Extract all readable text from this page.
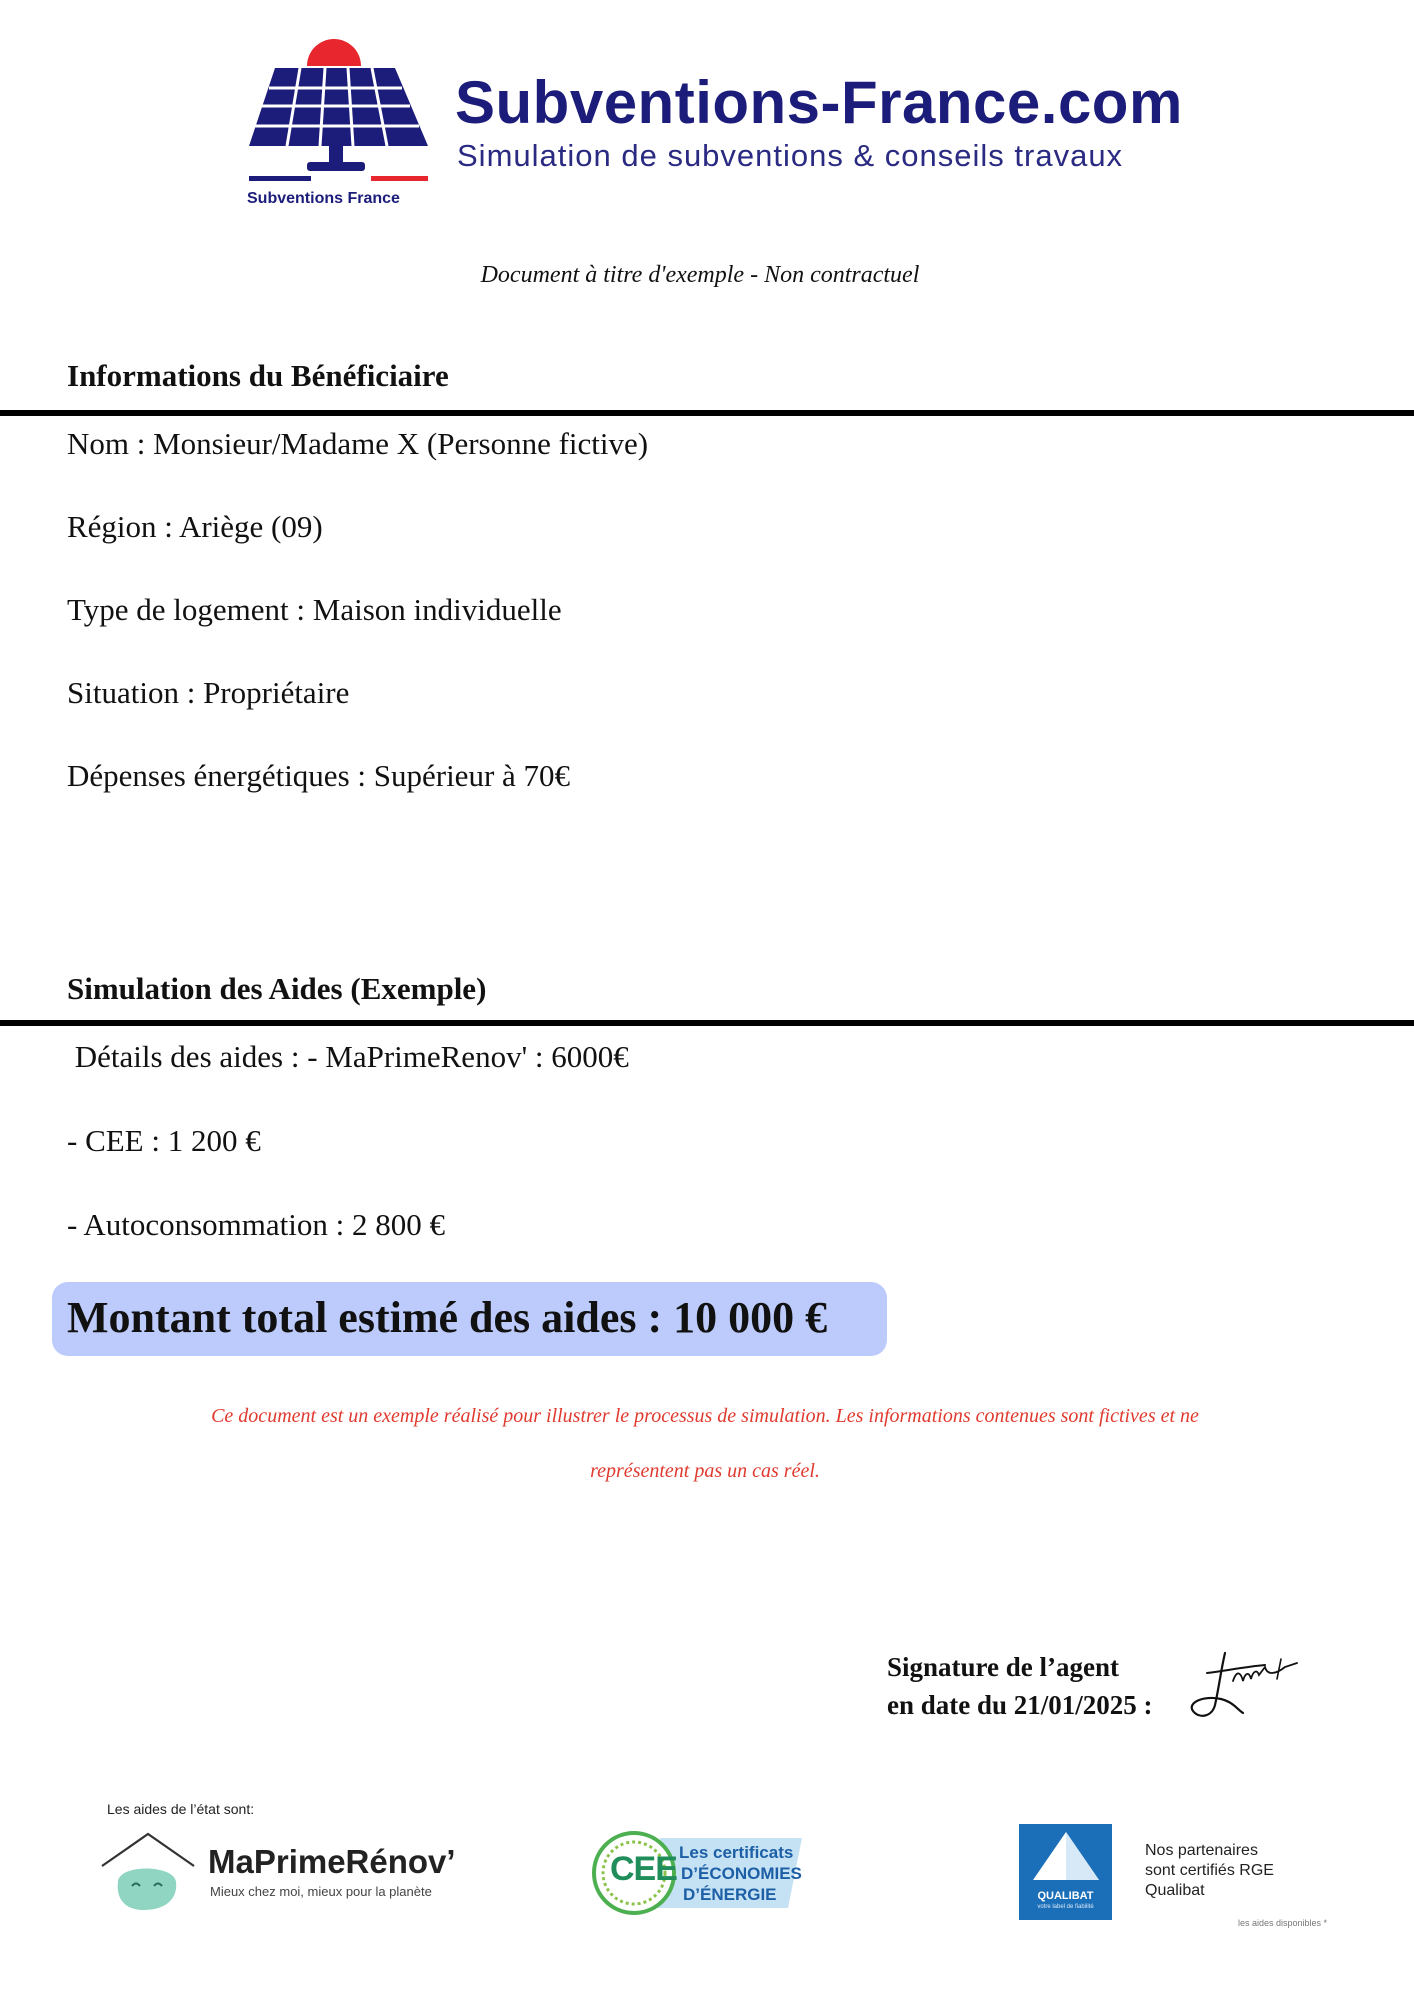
Subventions France
Subventions-France.com
Simulation de subventions & conseils travaux
Document à titre d'exemple - Non contractuel
Informations du Bénéficiaire
Nom : Monsieur/Madame X (Personne fictive)
Région : Ariège (09)
Type de logement : Maison individuelle
Situation : Propriétaire
Dépenses énergétiques : Supérieur à 70€
Simulation des Aides (Exemple)
Détails des aides : - MaPrimeRenov' : 6000€
- CEE : 1 200 €
- Autoconsommation : 2 800 €
Montant total estimé des aides : 10 000 €
Ce document est un exemple réalisé pour illustrer le processus de simulation. Les informations contenues sont fictives et ne
représentent pas un cas réel.
Signature de l’agent
en date du 21/01/2025 :
Les aides de l’état sont:
MaPrimeRénov’
Mieux chez moi, mieux pour la planète
CEE Les certificats
D’ÉCONOMIES
D’ÉNERGIE	QUALIBAT
votre label de fiabilité
Nos partenaires
sont certifiés RGE
Qualibat
les aides disponibles *
